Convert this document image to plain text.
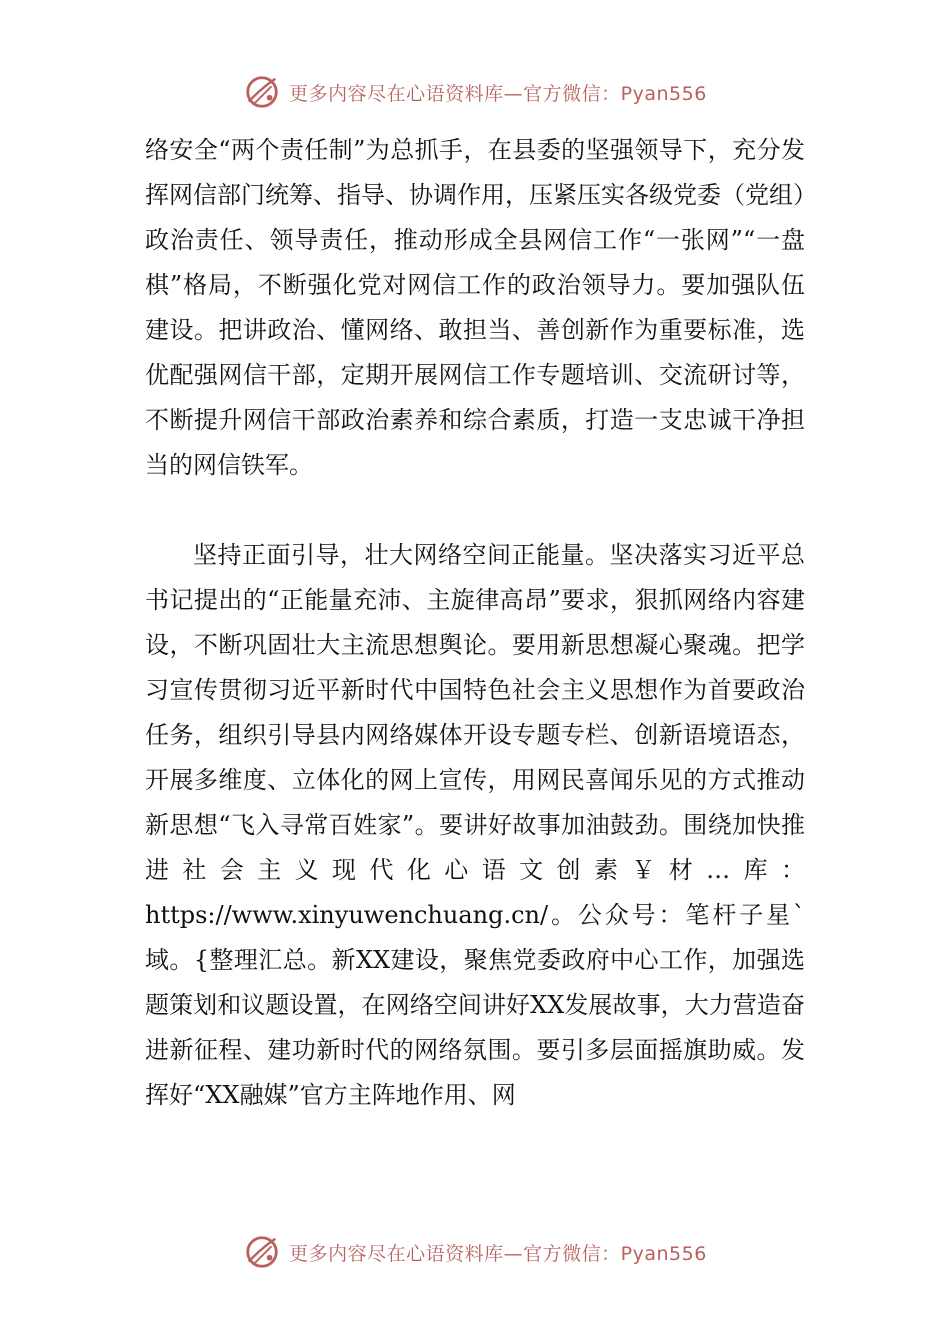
更多内容尽在心语资料库—官方微信：Pyan556

络安全“两个责任制”为总抓手，在县委的坚强领导下，充分发挥网信部门统筹、指导、协调作用，压紧压实各级党委（党组）政治责任、领导责任，推动形成全县网信工作“一张网”“一盘棋”格局，不断强化党对网信工作的政治领导力。要加强队伍建设。把讲政治、懂网络、敢担当、善创新作为重要标准，选优配强网信干部，定期开展网信工作专题培训、交流研讨等，不断提升网信干部政治素养和综合素质，打造一支忠诚干净担当的网信铁军。

坚持正面引导，壮大网络空间正能量。坚决落实习近平总书记提出的“正能量充沛、主旋律高昂”要求，狠抓网络内容建设，不断巩固壮大主流思想舆论。要用新思想凝心聚魂。把学习宣传贯彻习近平新时代中国特色社会主义思想作为首要政治任务，组织引导县内网络媒体开设专题专栏、创新语境语态，开展多维度、立体化的网上宣传，用网民喜闻乐见的方式推动新思想“飞入寻常百姓家”。要讲好故事加油鼓劲。围绕加快推进社会主义现代化心语文创素￥材…库：https://www.xinyuwenchuang.cn/。公众号：笔杆子星`域。{整理汇总。新XX建设，聚焦党委政府中心工作，加强选题策划和议题设置，在网络空间讲好XX发展故事，大力营造奋进新征程、建功新时代的网络氛围。要引多层面摇旗助威。发挥好“XX融媒”官方主阵地作用、网

更多内容尽在心语资料库—官方微信：Pyan556
